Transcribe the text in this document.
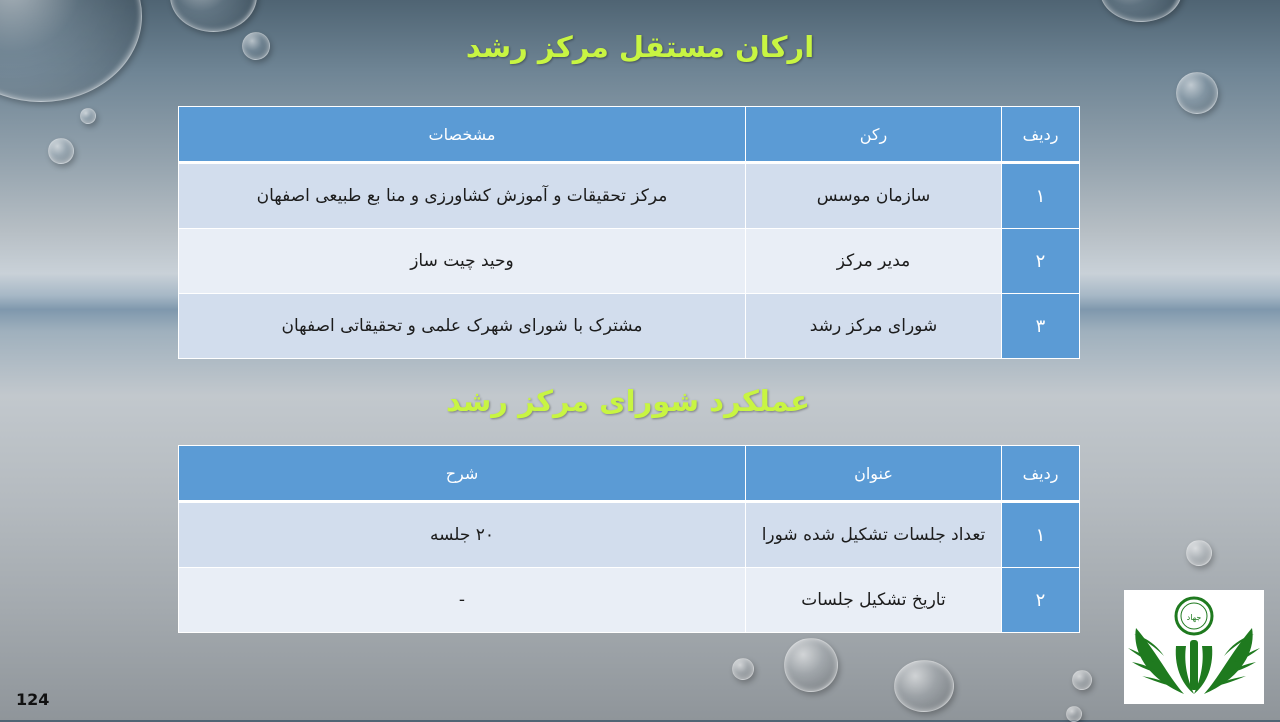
ارکان مستقل مرکز رشد
ردیف	رکن	مشخصات
۱	سازمان موسس	مرکز تحقیقات و آموزش کشاورزی و منا بع طبیعی اصفهان
۲	مدیر مرکز	وحید چیت ساز
۳	شورای مرکز رشد	مشترک با شورای شهرک علمی و تحقیقاتی اصفهان
عملکرد شورای مرکز رشد
ردیف	عنوان	شرح
۱	تعداد جلسات تشکیل شده شورا	۲۰ جلسه
۲	تاریخ تشکیل جلسات	-
جهاد
124
